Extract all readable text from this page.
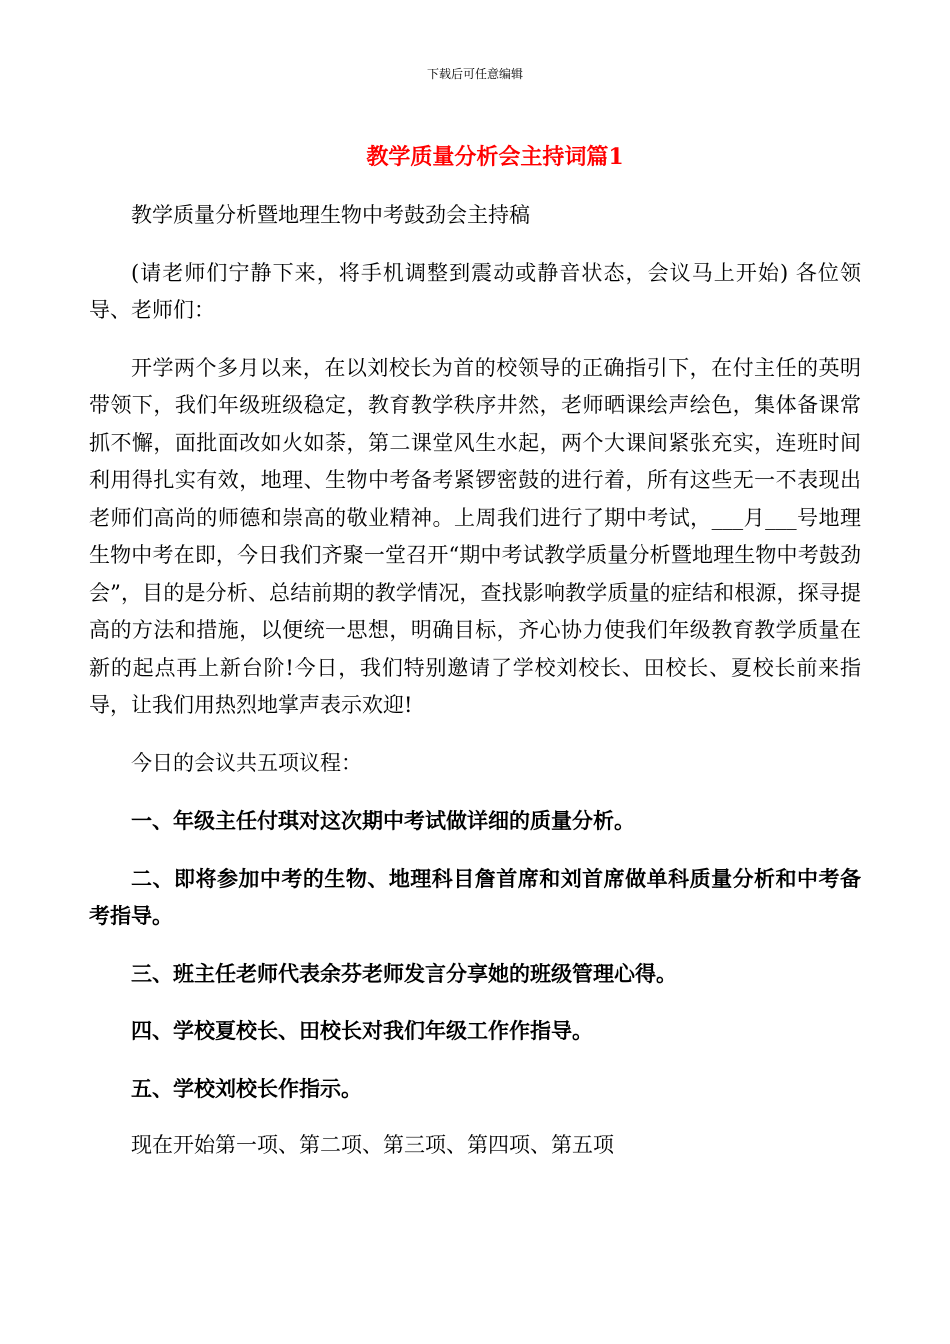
下载后可任意编辑
教学质量分析会主持词篇1

教学质量分析暨地理生物中考鼓劲会主持稿

(请老师们宁静下来，将手机调整到震动或静音状态，会议马上开始) 各位领导、老师们：

开学两个多月以来，在以刘校长为首的校领导的正确指引下，在付主任的英明带领下，我们年级班级稳定，教育教学秩序井然，老师晒课绘声绘色，集体备课常抓不懈，面批面改如火如荼，第二课堂风生水起，两个大课间紧张充实，连班时间利用得扎实有效，地理、生物中考备考紧锣密鼓的进行着，所有这些无一不表现出老师们高尚的师德和崇高的敬业精神。上周我们进行了期中考试，___月___号地理生物中考在即，今日我们齐聚一堂召开“期中考试教学质量分析暨地理生物中考鼓劲会”，目的是分析、总结前期的教学情况，查找影响教学质量的症结和根源，探寻提高的方法和措施，以便统一思想，明确目标，齐心协力使我们年级教育教学质量在新的起点再上新台阶!今日，我们特别邀请了学校刘校长、田校长、夏校长前来指导，让我们用热烈地掌声表示欢迎!

今日的会议共五项议程：

一、年级主任付琪对这次期中考试做详细的质量分析。

二、即将参加中考的生物、地理科目詹首席和刘首席做单科质量分析和中考备考指导。

三、班主任老师代表余芬老师发言分享她的班级管理心得。

四、学校夏校长、田校长对我们年级工作作指导。

五、学校刘校长作指示。

现在开始第一项、第二项、第三项、第四项、第五项
